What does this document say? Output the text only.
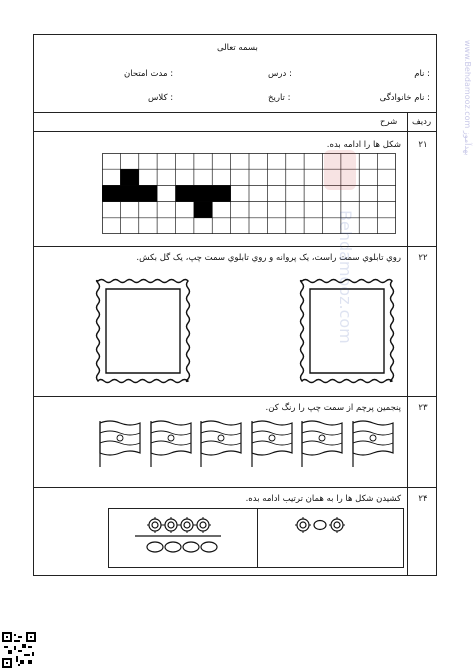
بسمه تعالی
نام :
درس :
مدت امتحان :
نام خانوادگی :
تاریخ :
کلاس :
ردیف
شرح
۲۱
۲۲
۲۳
۲۴
شکل ها را ادامه بده.
روي تابلوي سمت راست، یک پروانه و روي تابلوي سمت چپ، یک گل بکش.
پنجمین پرچم از سمت چپ را رنگ کن.
کشیدن شکل ها را به همان ترتیب ادامه بده.
Behdamooz.com
www.Behdamooz.com بهدآموز
